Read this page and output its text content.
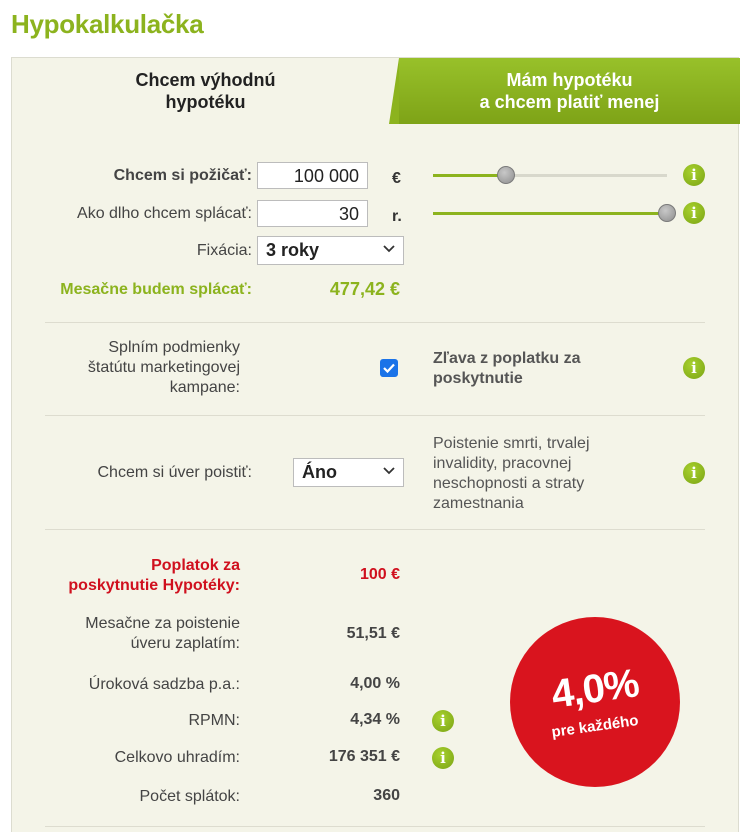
Hypokalkulačka
Chcem výhodnú
hypotéku
Mám hypotéku
a chcem platiť menej
Chcem si požičať:	100 000	€	i
Ako dlho chcem splácať:	30	r.	i
Fixácia: 3 roky
Mesačne budem splácať:	477,42 €
Splním podmienky
štatútu marketingovej
kampane:
Zľava z poplatku za
poskytnutie
i
Chcem si úver poistiť:	Áno
Poistenie smrti, trvalej
invalidity, pracovnej
neschopnosti a straty
zamestnania
i
Poplatok za
poskytnutie Hypotéky:
100 €
Mesačne za poistenie
úveru zaplatím:
51,51 €
Úroková sadzba p.a.:	4,00 %
RPMN:	4,34 %	i
Celkovo uhradím:	176 351 €	i
Počet splátok:	360
4,0%
pre každého
